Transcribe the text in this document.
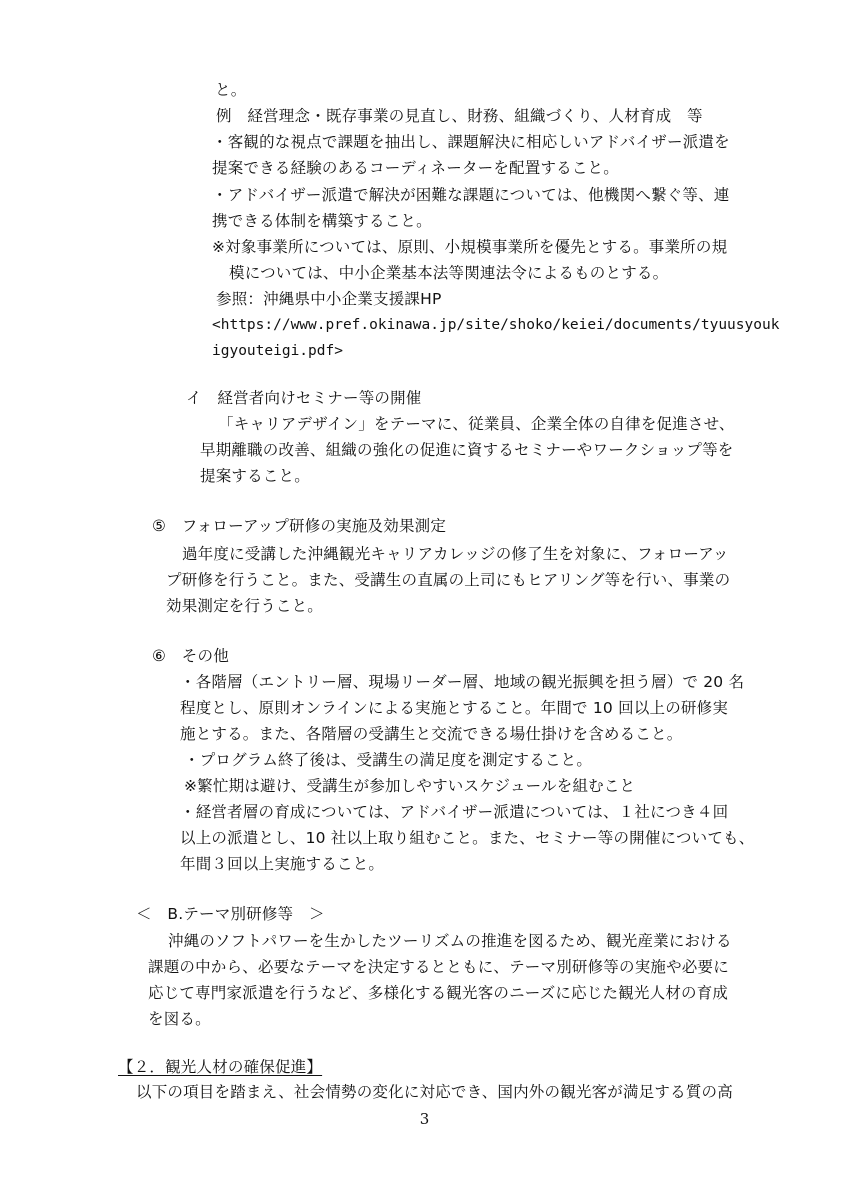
と。
例　経営理念・既存事業の見直し、財務、組織づくり、人材育成　等
・客観的な視点で課題を抽出し、課題解決に相応しいアドバイザー派遣を
提案できる経験のあるコーディネーターを配置すること。
・アドバイザー派遣で解決が困難な課題については、他機関へ繋ぐ等、連
携できる体制を構築すること。
※対象事業所については、原則、小規模事業所を優先とする。事業所の規
模については、中小企業基本法等関連法令によるものとする。
参照：沖縄県中小企業支援課HP
<https://www.pref.okinawa.jp/site/shoko/keiei/documents/tyuusyouk
igyouteigi.pdf>
イ　経営者向けセミナー等の開催
「キャリアデザイン」をテーマに、従業員、企業全体の自律を促進させ、
早期離職の改善、組織の強化の促進に資するセミナーやワークショップ等を
提案すること。
⑤　フォローアップ研修の実施及効果測定
過年度に受講した沖縄観光キャリアカレッジの修了生を対象に、フォローアッ
プ研修を行うこと。また、受講生の直属の上司にもヒアリング等を行い、事業の
効果測定を行うこと。
⑥　その他
・各階層（エントリー層、現場リーダー層、地域の観光振興を担う層）で 20 名
程度とし、原則オンラインによる実施とすること。年間で 10 回以上の研修実
施とする。また、各階層の受講生と交流できる場仕掛けを含めること。
・プログラム終了後は、受講生の満足度を測定すること。
※繁忙期は避け、受講生が参加しやすいスケジュールを組むこと
・経営者層の育成については、アドバイザー派遣については、１社につき４回
以上の派遣とし、10 社以上取り組むこと。また、セミナー等の開催についても、
年間３回以上実施すること。
＜　B.テーマ別研修等　＞
沖縄のソフトパワーを生かしたツーリズムの推進を図るため、観光産業における
課題の中から、必要なテーマを決定するとともに、テーマ別研修等の実施や必要に
応じて専門家派遣を行うなど、多様化する観光客のニーズに応じた観光人材の育成
を図る。
【２．観光人材の確保促進】
以下の項目を踏まえ、社会情勢の変化に対応でき、国内外の観光客が満足する質の高
3
